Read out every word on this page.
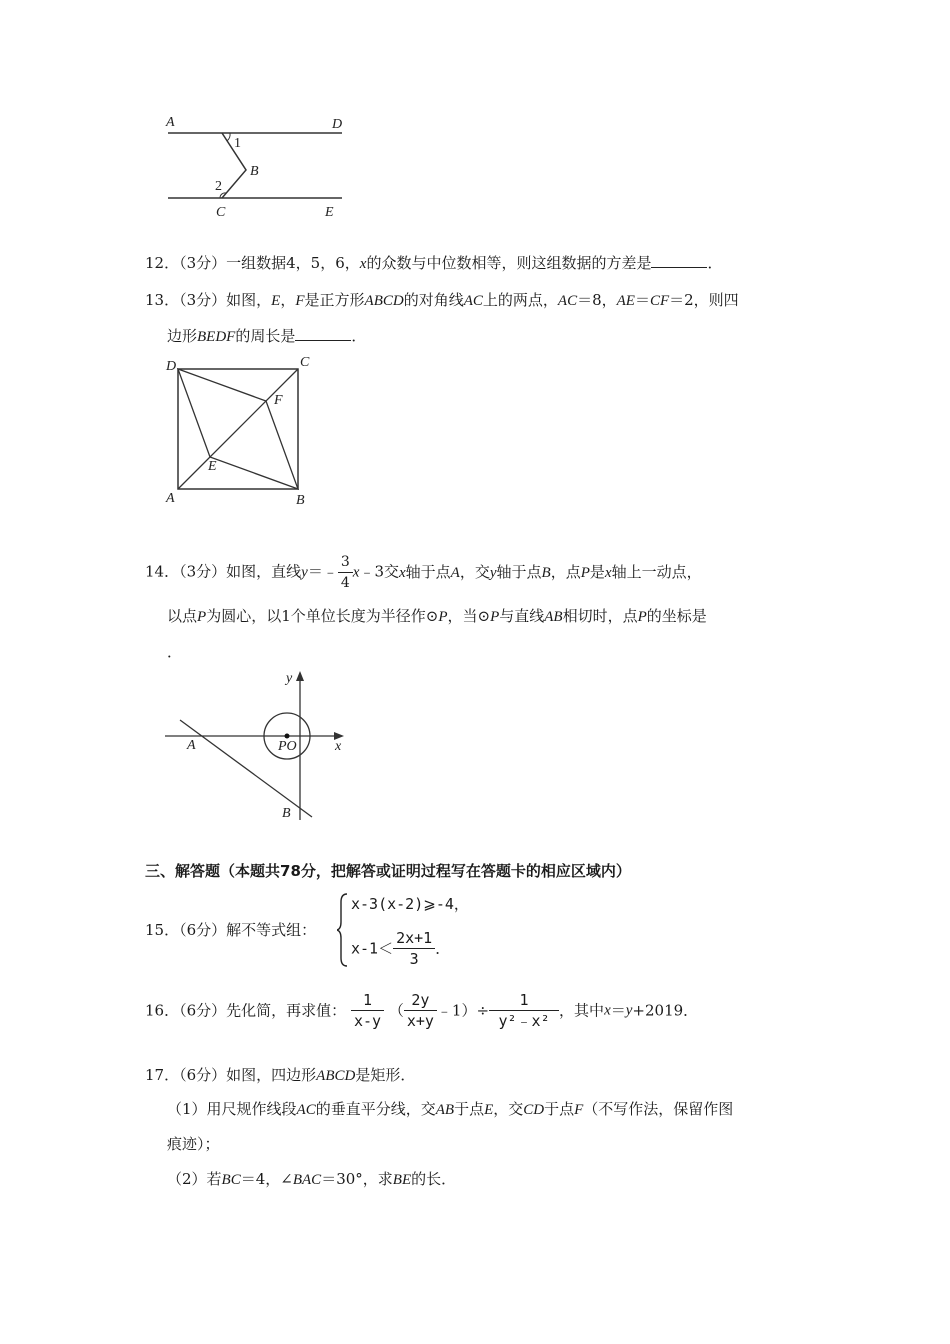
A	D
1
B
2
C	E
12．（3分）一组数据4，5，6，x的众数与中位数相等，则这组数据的方差是	．
13．（3分）如图，E，F是正方形ABCD的对角线AC上的两点，AC＝8，AE＝CF＝2，则四
边形BEDF的周长是	．
D	C
F
E
A	B
14．（3分）如图，直线y＝﹣ $\frac{3}{4}$ x﹣3交x轴于点A，交y轴于点B，点P是x轴上一动点，
以点P为圆心，以1个单位长度为半径作⊙P，当⊙P与直线AB相切时，点P的坐标是
．
y
x
A	PO
B
三、解答题（本题共78分，把解答或证明过程写在答题卡的相应区域内）
15．（6分）解不等式组：
x-3(x-2)⩾-4，
$x-1< \frac{2x+1}{3}$ ．
16．（6分）先化简，再求值： $\frac{1}{x-y}$ （ $\frac{2y}{x+y}$ ﹣1）÷ $\frac{1}{\text{y²﹣x²}}$ ，其中x＝y+2019．
17．（6分）如图，四边形ABCD是矩形．
（1）用尺规作线段AC的垂直平分线，交AB于点E，交CD于点F（不写作法，保留作图
痕迹）；
（2）若BC＝4，∠BAC＝30°，求BE的长．
